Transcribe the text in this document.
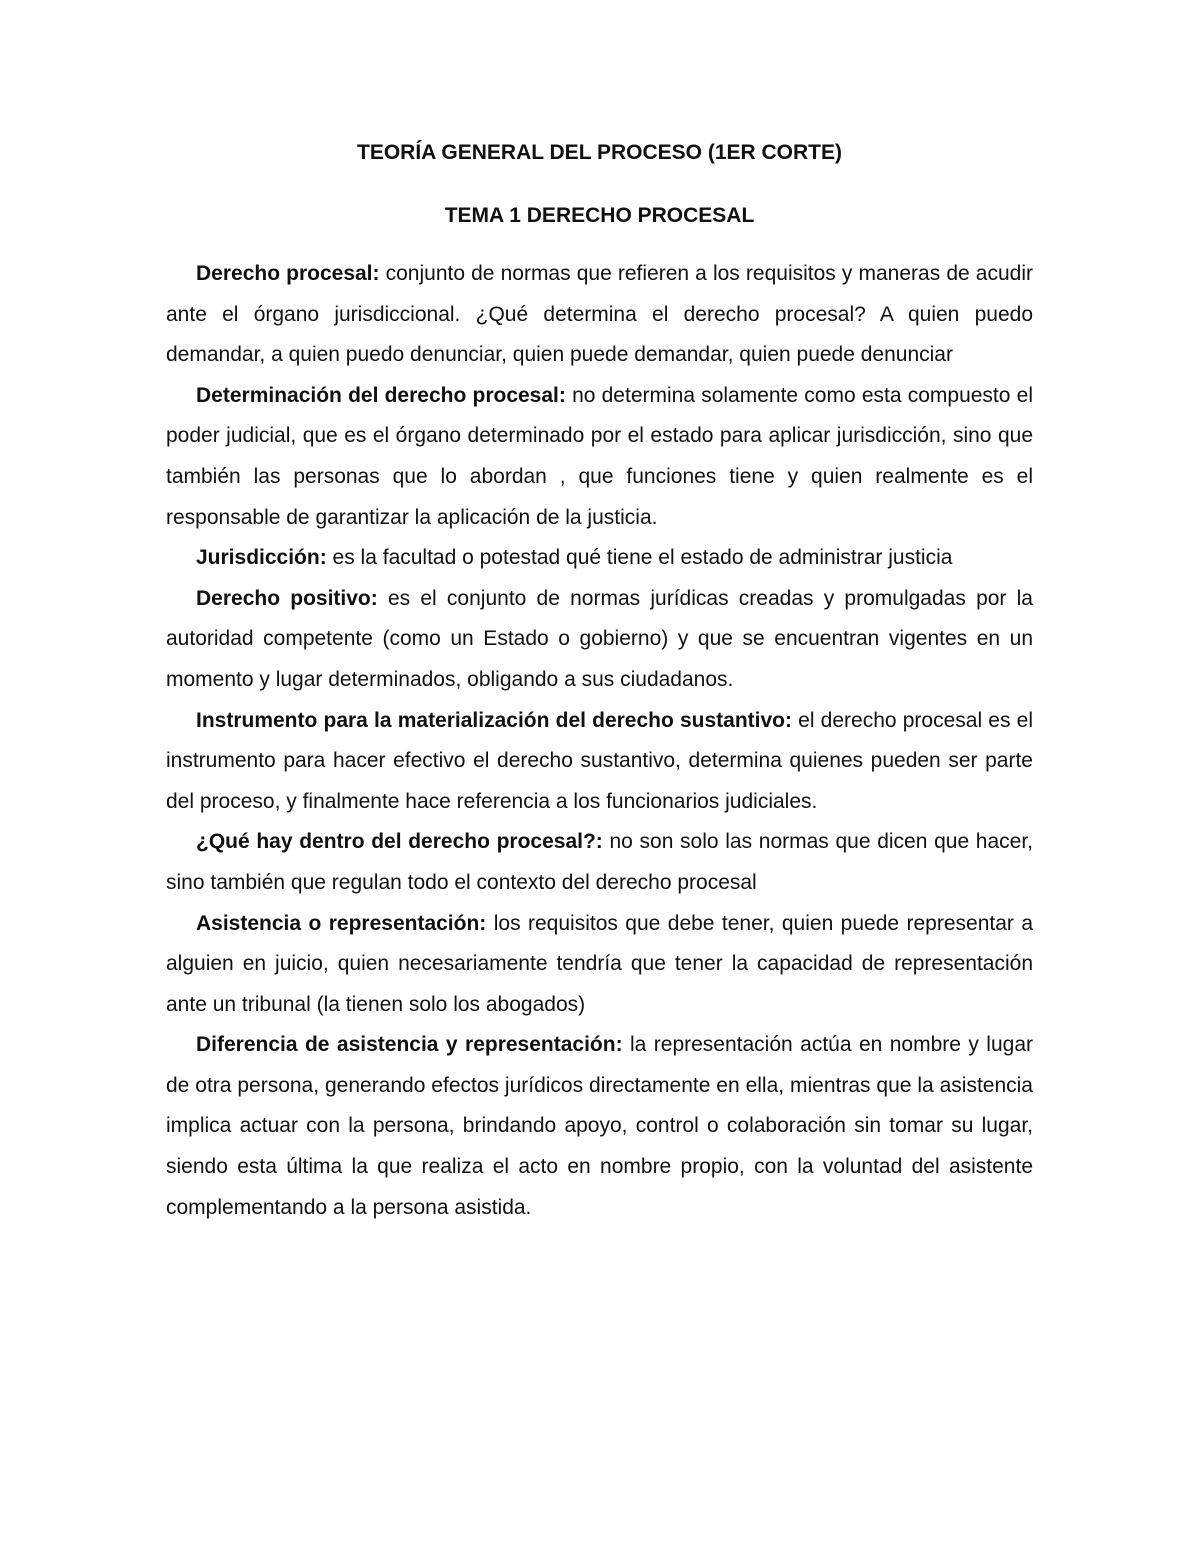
TEORÍA GENERAL DEL PROCESO (1ER CORTE)
TEMA 1 DERECHO PROCESAL

Derecho procesal: conjunto de normas que refieren a los requisitos y maneras de acudir ante el órgano jurisdiccional. ¿Qué determina el derecho procesal? A quien puedo demandar, a quien puedo denunciar, quien puede demandar, quien puede denunciar

Determinación del derecho procesal: no determina solamente como esta compuesto el poder judicial, que es el órgano determinado por el estado para aplicar jurisdicción, sino que también las personas que lo abordan , que funciones tiene y quien realmente es el responsable de garantizar la aplicación de la justicia.

Jurisdicción: es la facultad o potestad qué tiene el estado de administrar justicia

Derecho positivo: es el conjunto de normas jurídicas creadas y promulgadas por la autoridad competente (como un Estado o gobierno) y que se encuentran vigentes en un momento y lugar determinados, obligando a sus ciudadanos.

Instrumento para la materialización del derecho sustantivo: el derecho procesal es el instrumento para hacer efectivo el derecho sustantivo, determina quienes pueden ser parte del proceso, y finalmente hace referencia a los funcionarios judiciales.

¿Qué hay dentro del derecho procesal?: no son solo las normas que dicen que hacer, sino también que regulan todo el contexto del derecho procesal

Asistencia o representación: los requisitos que debe tener, quien puede representar a alguien en juicio, quien necesariamente tendría que tener la capacidad de representación ante un tribunal (la tienen solo los abogados)

Diferencia de asistencia y representación: la representación actúa en nombre y lugar de otra persona, generando efectos jurídicos directamente en ella, mientras que la asistencia implica actuar con la persona, brindando apoyo, control o colaboración sin tomar su lugar, siendo esta última la que realiza el acto en nombre propio, con la voluntad del asistente complementando a la persona asistida.
